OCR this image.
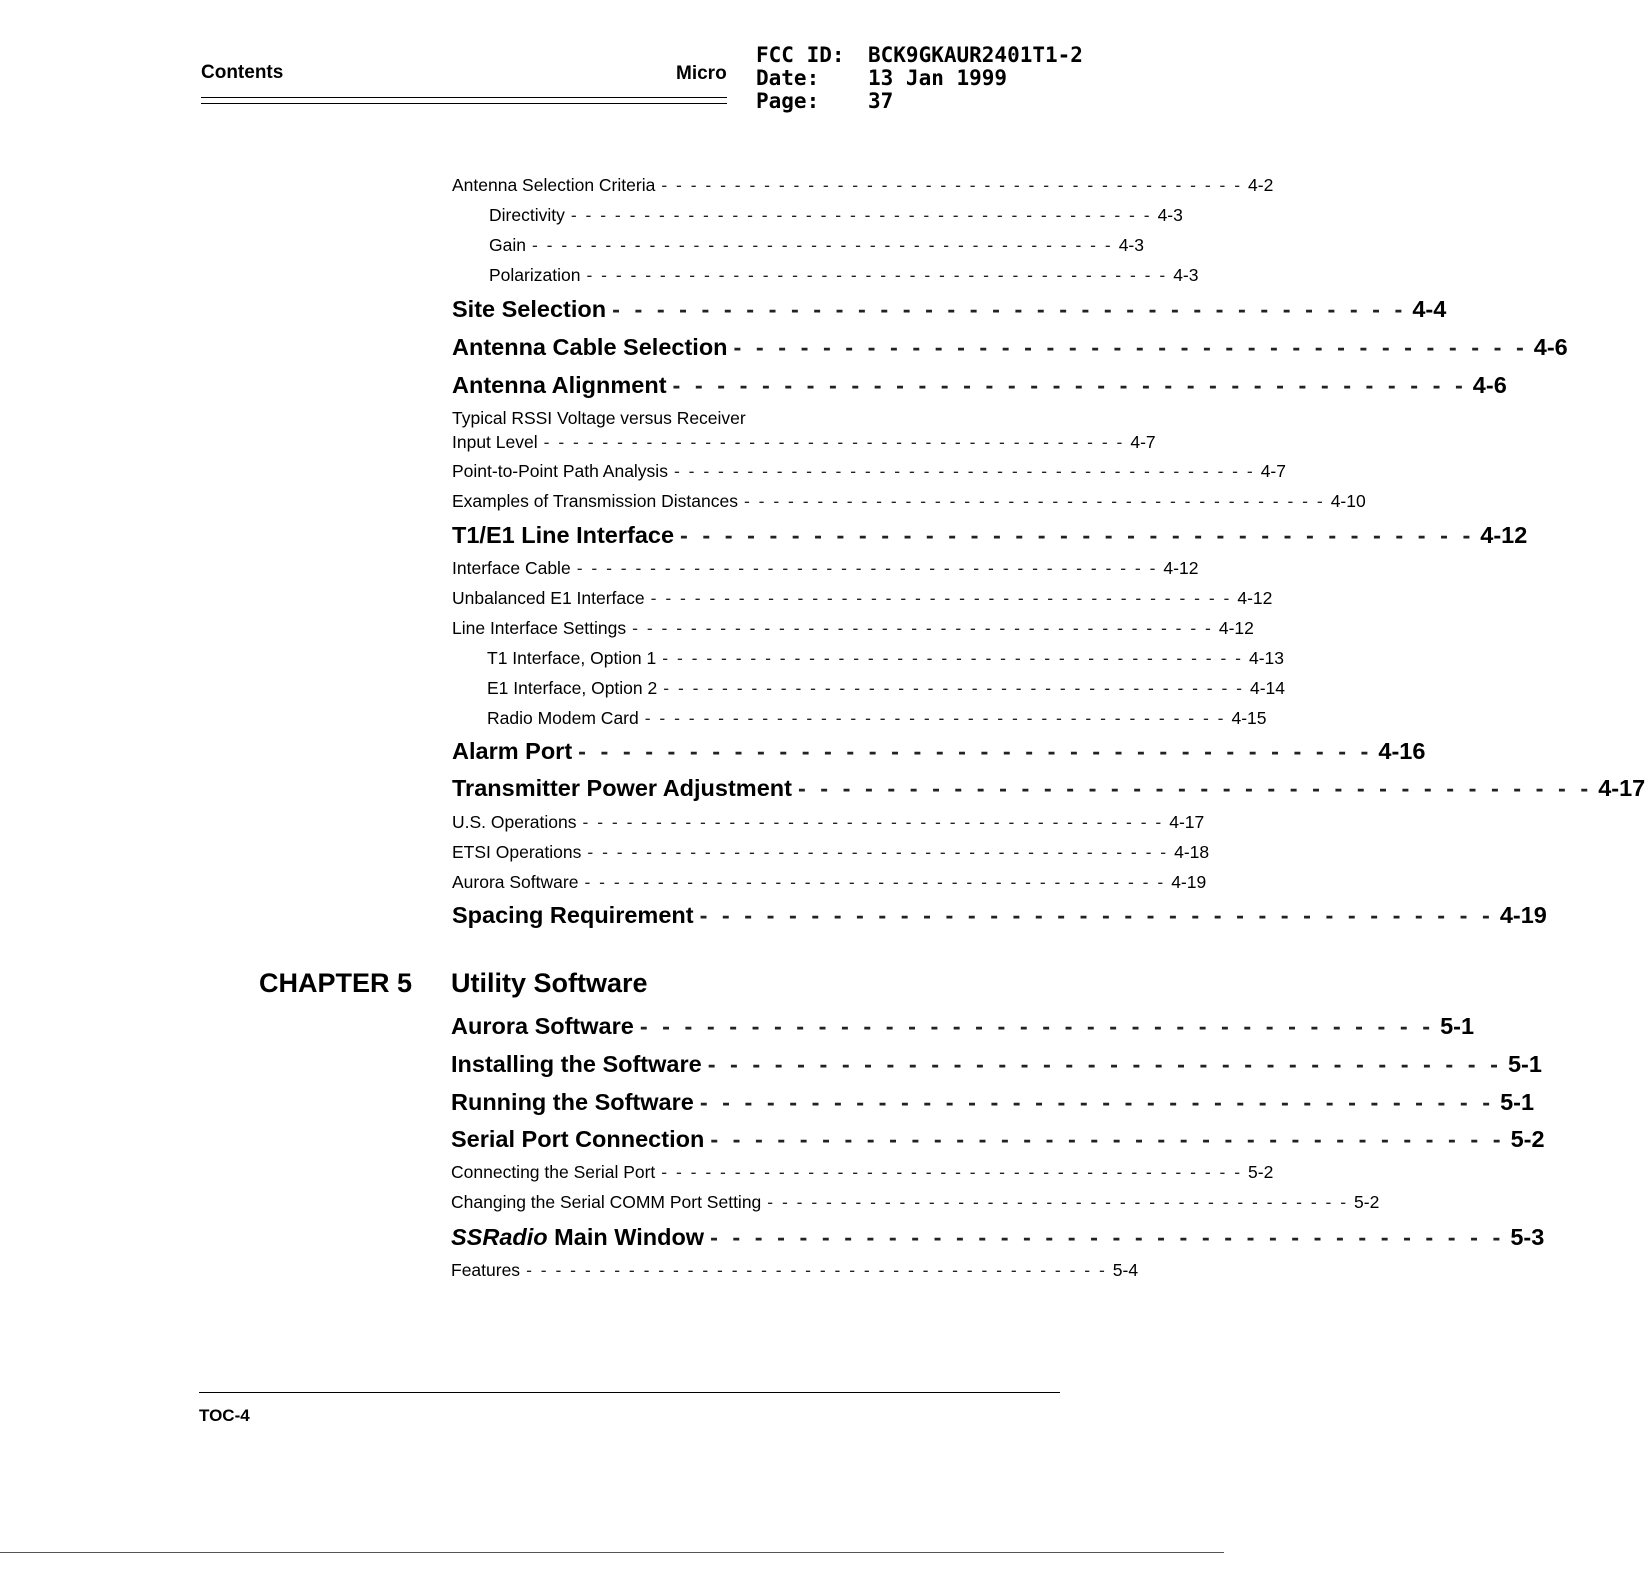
Contents	Micro
FCC ID:	BCK9GKAUR2401T1-2
Date:	13 Jan 1999
Page:	37
Antenna Selection Criteria - - - - - - - - - - - - - - - - - - - - - - - - - - - - - - - - - - - - - - - - 4-2
Directivity - - - - - - - - - - - - - - - - - - - - - - - - - - - - - - - - - - - - - - - - 4-3
Gain - - - - - - - - - - - - - - - - - - - - - - - - - - - - - - - - - - - - - - - - 4-3
Polarization - - - - - - - - - - - - - - - - - - - - - - - - - - - - - - - - - - - - - - - - 4-3
Site Selection - - - - - - - - - - - - - - - - - - - - - - - - - - - - - - - - - - - - 4-4
Antenna Cable Selection - - - - - - - - - - - - - - - - - - - - - - - - - - - - - - - - - - - - 4-6
Antenna Alignment - - - - - - - - - - - - - - - - - - - - - - - - - - - - - - - - - - - - 4-6
Typical RSSI Voltage versus Receiver
Input Level - - - - - - - - - - - - - - - - - - - - - - - - - - - - - - - - - - - - - - - - 4-7
Point-to-Point Path Analysis - - - - - - - - - - - - - - - - - - - - - - - - - - - - - - - - - - - - - - - - 4-7
Examples of Transmission Distances - - - - - - - - - - - - - - - - - - - - - - - - - - - - - - - - - - - - - - - - 4-10
T1/E1 Line Interface - - - - - - - - - - - - - - - - - - - - - - - - - - - - - - - - - - - - 4-12
Interface Cable - - - - - - - - - - - - - - - - - - - - - - - - - - - - - - - - - - - - - - - - 4-12
Unbalanced E1 Interface - - - - - - - - - - - - - - - - - - - - - - - - - - - - - - - - - - - - - - - - 4-12
Line Interface Settings - - - - - - - - - - - - - - - - - - - - - - - - - - - - - - - - - - - - - - - - 4-12
T1 Interface, Option 1 - - - - - - - - - - - - - - - - - - - - - - - - - - - - - - - - - - - - - - - - 4-13
E1 Interface, Option 2 - - - - - - - - - - - - - - - - - - - - - - - - - - - - - - - - - - - - - - - - 4-14
Radio Modem Card - - - - - - - - - - - - - - - - - - - - - - - - - - - - - - - - - - - - - - - - 4-15
Alarm Port - - - - - - - - - - - - - - - - - - - - - - - - - - - - - - - - - - - - 4-16
Transmitter Power Adjustment - - - - - - - - - - - - - - - - - - - - - - - - - - - - - - - - - - - - 4-17
U.S. Operations - - - - - - - - - - - - - - - - - - - - - - - - - - - - - - - - - - - - - - - - 4-17
ETSI Operations - - - - - - - - - - - - - - - - - - - - - - - - - - - - - - - - - - - - - - - - 4-18
Aurora Software - - - - - - - - - - - - - - - - - - - - - - - - - - - - - - - - - - - - - - - - 4-19
Spacing Requirement - - - - - - - - - - - - - - - - - - - - - - - - - - - - - - - - - - - - 4-19
CHAPTER 5 Utility Software
Aurora Software - - - - - - - - - - - - - - - - - - - - - - - - - - - - - - - - - - - - 5-1
Installing the Software - - - - - - - - - - - - - - - - - - - - - - - - - - - - - - - - - - - - 5-1
Running the Software - - - - - - - - - - - - - - - - - - - - - - - - - - - - - - - - - - - - 5-1
Serial Port Connection - - - - - - - - - - - - - - - - - - - - - - - - - - - - - - - - - - - - 5-2
Connecting the Serial Port - - - - - - - - - - - - - - - - - - - - - - - - - - - - - - - - - - - - - - - - 5-2
Changing the Serial COMM Port Setting - - - - - - - - - - - - - - - - - - - - - - - - - - - - - - - - - - - - - - - - 5-2
SSRadio Main Window - - - - - - - - - - - - - - - - - - - - - - - - - - - - - - - - - - - - 5-3
Features - - - - - - - - - - - - - - - - - - - - - - - - - - - - - - - - - - - - - - - - 5-4
TOC-4
